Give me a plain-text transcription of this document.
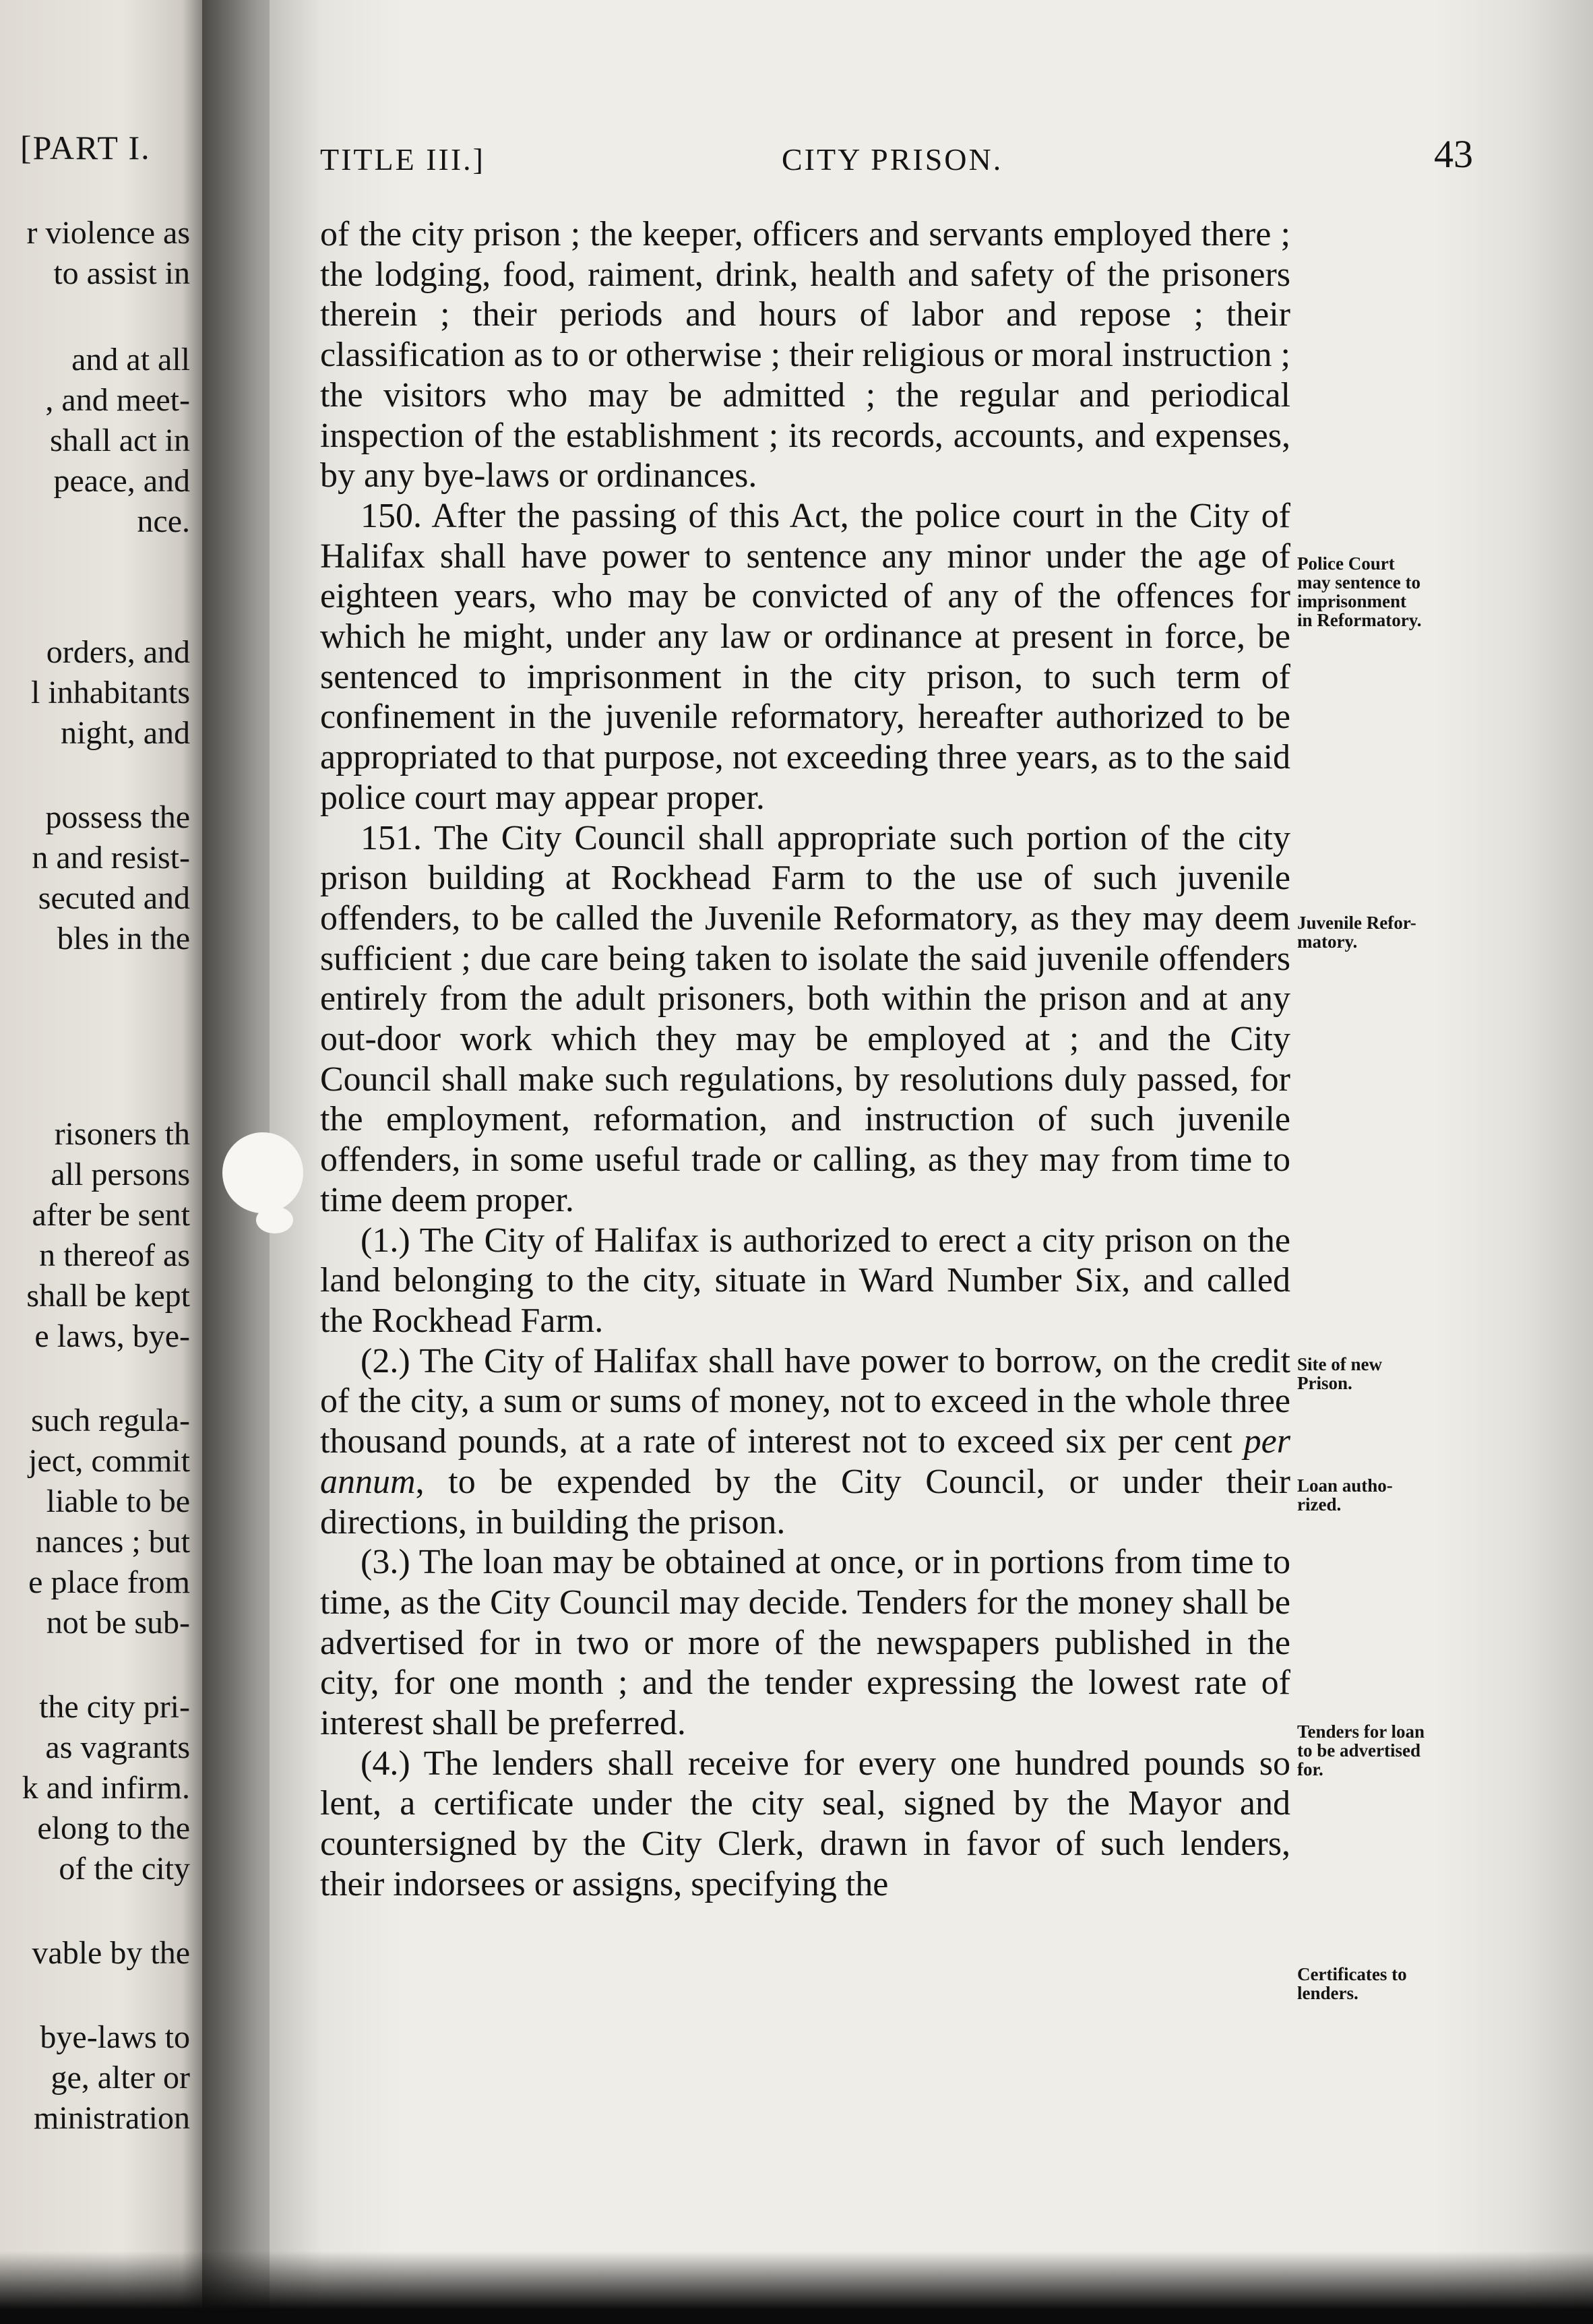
[PART I.
r violence as
to assist in
and at all
, and meet-
shall act in
peace, and
nce.
orders, and
l inhabitants
night, and
possess the
n and resist-
secuted and
bles in the
risoners th
all persons
after be sent
n thereof as
shall be kept
e laws, bye-
such regula-
ject, commit
liable to be
nances ; but
e place from
not be sub-
the city pri-
as vagrants
k and infirm.
elong to the
of the city
vable by the
bye-laws to
ge, alter or
ministration
TITLE III.]	CITY PRISON.	43

of the city prison ; the keeper, officers and servants employed there ; the lodging, food, raiment, drink, health and safety of the prisoners therein ; their periods and hours of labor and repose ; their classification as to or otherwise ; their religious or moral instruction ; the visitors who may be admitted ; the regular and periodical inspection of the establishment ; its records, accounts, and expenses, by any bye-laws or ordinances.

150. After the passing of this Act, the police court in the City of Halifax shall have power to sentence any minor under the age of eighteen years, who may be convicted of any of the offences for which he might, under any law or ordinance at present in force, be sentenced to imprisonment in the city prison, to such term of confinement in the juvenile reformatory, hereafter authorized to be appropriated to that purpose, not exceeding three years, as to the said police court may appear proper.

151. The City Council shall appropriate such portion of the city prison building at Rockhead Farm to the use of such juvenile offenders, to be called the Juvenile Reformatory, as they may deem sufficient ; due care being taken to isolate the said juvenile offenders entirely from the adult prisoners, both within the prison and at any out-door work which they may be employed at ; and the City Council shall make such regulations, by resolutions duly passed, for the employment, reformation, and instruction of such juvenile offenders, in some useful trade or calling, as they may from time to time deem proper.

(1.) The City of Halifax is authorized to erect a city prison on the land belonging to the city, situate in Ward Number Six, and called the Rockhead Farm.

(2.) The City of Halifax shall have power to borrow, on the credit of the city, a sum or sums of money, not to exceed in the whole three thousand pounds, at a rate of interest not to exceed six per cent per annum, to be expended by the City Council, or under their directions, in building the prison.

(3.) The loan may be obtained at once, or in portions from time to time, as the City Council may decide. Tenders for the money shall be advertised for in two or more of the newspapers published in the city, for one month ; and the tender expressing the lowest rate of interest shall be preferred.

(4.) The lenders shall receive for every one hundred pounds so lent, a certificate under the city seal, signed by the Mayor and countersigned by the City Clerk, drawn in favor of such lenders, their indorsees or assigns, specifying the

Police Court
may sentence to
imprisonment
in Reformatory.
Juvenile Refor-
matory.
Site of new
Prison.
Loan autho-
rized.
Tenders for loan
to be advertised
for.
Certificates to
lenders.
